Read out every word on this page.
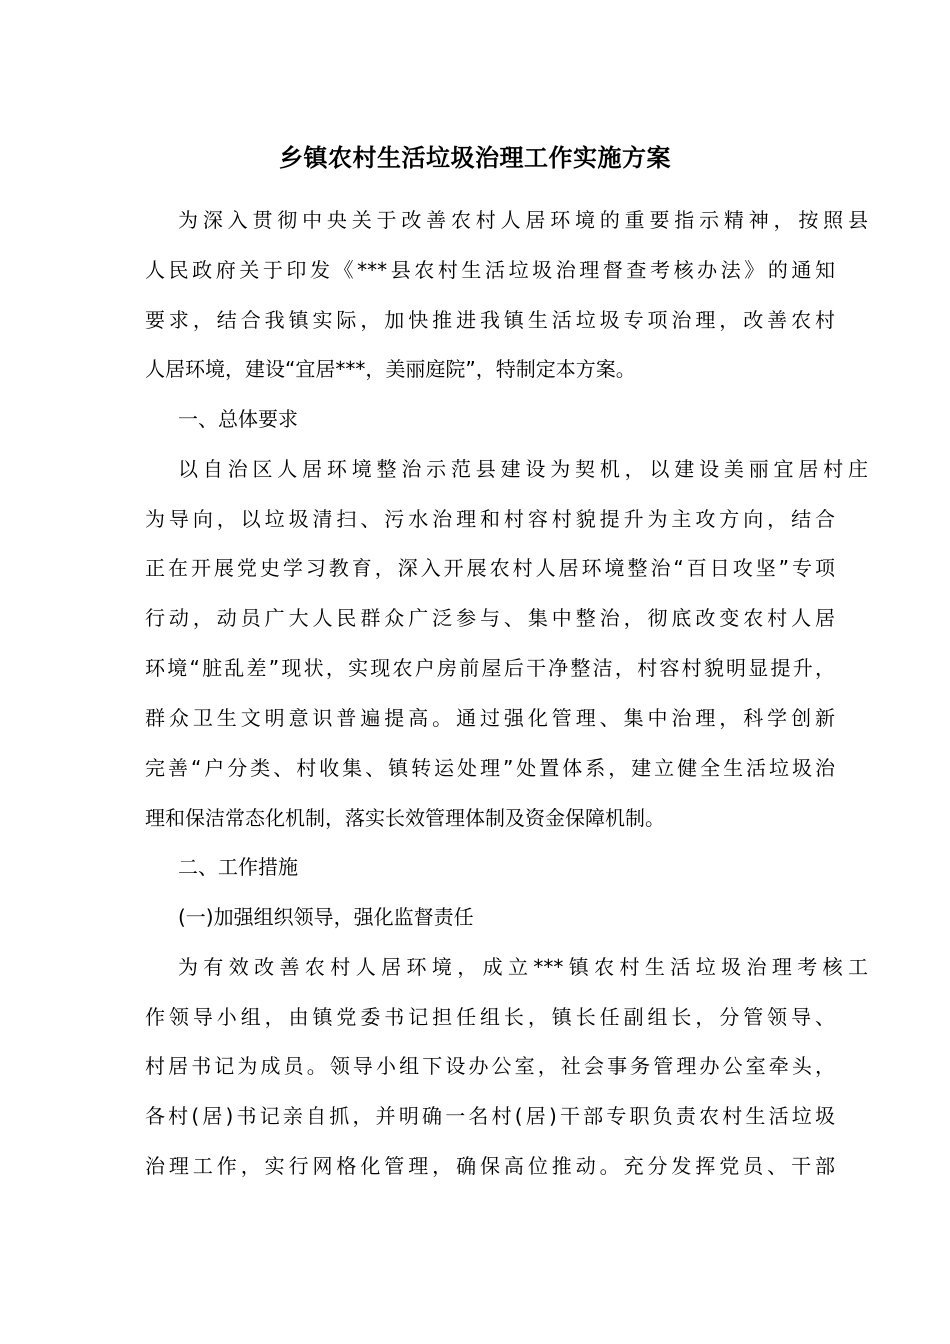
乡镇农村生活垃圾治理工作实施方案
为深入贯彻中央关于改善农村人居环境的重要指示精神，按照县
人民政府关于印发《***县农村生活垃圾治理督查考核办法》的通知
要求，结合我镇实际，加快推进我镇生活垃圾专项治理，改善农村
人居环境，建设“宜居***，美丽庭院”，特制定本方案。
一、总体要求
以自治区人居环境整治示范县建设为契机，以建设美丽宜居村庄
为导向，以垃圾清扫、污水治理和村容村貌提升为主攻方向，结合
正在开展党史学习教育，深入开展农村人居环境整治“百日攻坚”专项
行动，动员广大人民群众广泛参与、集中整治，彻底改变农村人居
环境“脏乱差”现状，实现农户房前屋后干净整洁，村容村貌明显提升，
群众卫生文明意识普遍提高。通过强化管理、集中治理，科学创新
完善“户分类、村收集、镇转运处理”处置体系，建立健全生活垃圾治
理和保洁常态化机制，落实长效管理体制及资金保障机制。
二、工作措施
(一)加强组织领导，强化监督责任
为有效改善农村人居环境，成立***镇农村生活垃圾治理考核工
作领导小组，由镇党委书记担任组长，镇长任副组长，分管领导、
村居书记为成员。领导小组下设办公室，社会事务管理办公室牵头，
各村(居)书记亲自抓，并明确一名村(居)干部专职负责农村生活垃圾
治理工作，实行网格化管理，确保高位推动。充分发挥党员、干部
